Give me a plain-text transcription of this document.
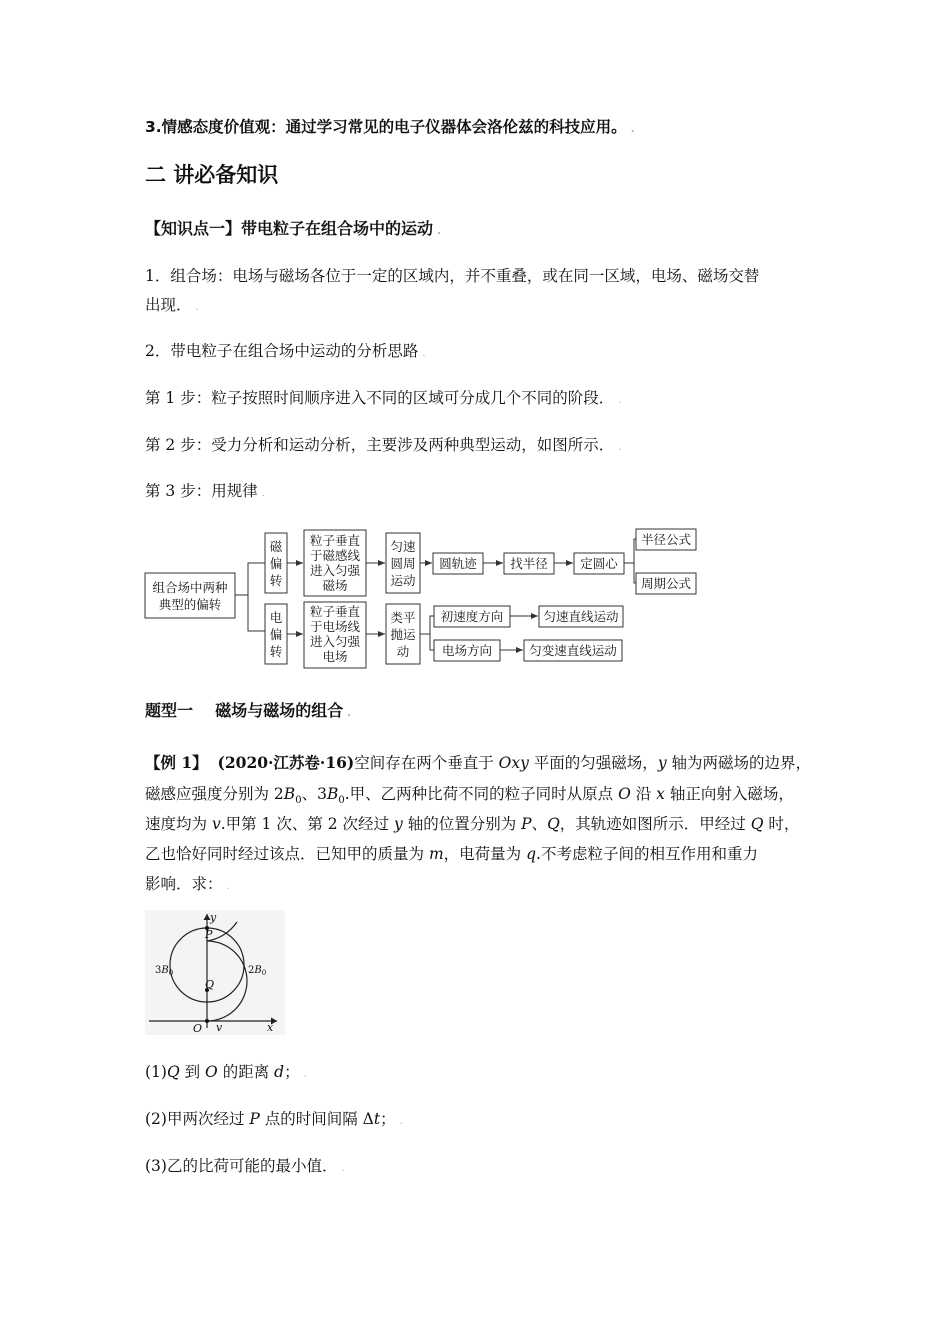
3.情感态度价值观：通过学习常见的电子仪器体会洛伦兹的科技应用。 .
二 讲必备知识
【知识点一】带电粒子在组合场中的运动 .
1．组合场：电场与磁场各位于一定的区域内，并不重叠，或在同一区域，电场、磁场交替
出现． .
2．带电粒子在组合场中运动的分析思路 .
第 1 步：粒子按照时间顺序进入不同的区域可分成几个不同的阶段． .
第 2 步：受力分析和运动分析，主要涉及两种典型运动，如图所示． .
第 3 步：用规律 .
组合场中两种
典型的偏转
磁
偏
转
粒子垂直
于磁感线
进入匀强
磁场
匀速
圆周
运动
圆轨迹	找半径	定圆心
半径公式
周期公式
电
偏
转
粒子垂直
于电场线
进入匀强
电场
类平
抛运
动
初速度方向	匀速直线运动
电场方向	匀变速直线运动
题型一    磁场与磁场的组合 .
【例 1】 (2020·江苏卷·16)空间存在两个垂直于 Oxy 平面的匀强磁场，y 轴为两磁场的边界，
磁感应强度分别为 $2B_0$、$3B_0$.甲、乙两种比荷不同的粒子同时从原点 O 沿 x 轴正向射入磁场，
速度均为 v.甲第 1 次、第 2 次经过 y 轴的位置分别为 P、Q，其轨迹如图所示．甲经过 Q 时，
乙也恰好同时经过该点．已知甲的质量为 m，电荷量为 q.不考虑粒子间的相互作用和重力
影响．求： .
y
x
P
Q
O v
$3B_0$	$2B_0$
(1)Q 到 O 的距离 d； .
(2)甲两次经过 P 点的时间间隔 Δt； .
(3)乙的比荷可能的最小值． .
